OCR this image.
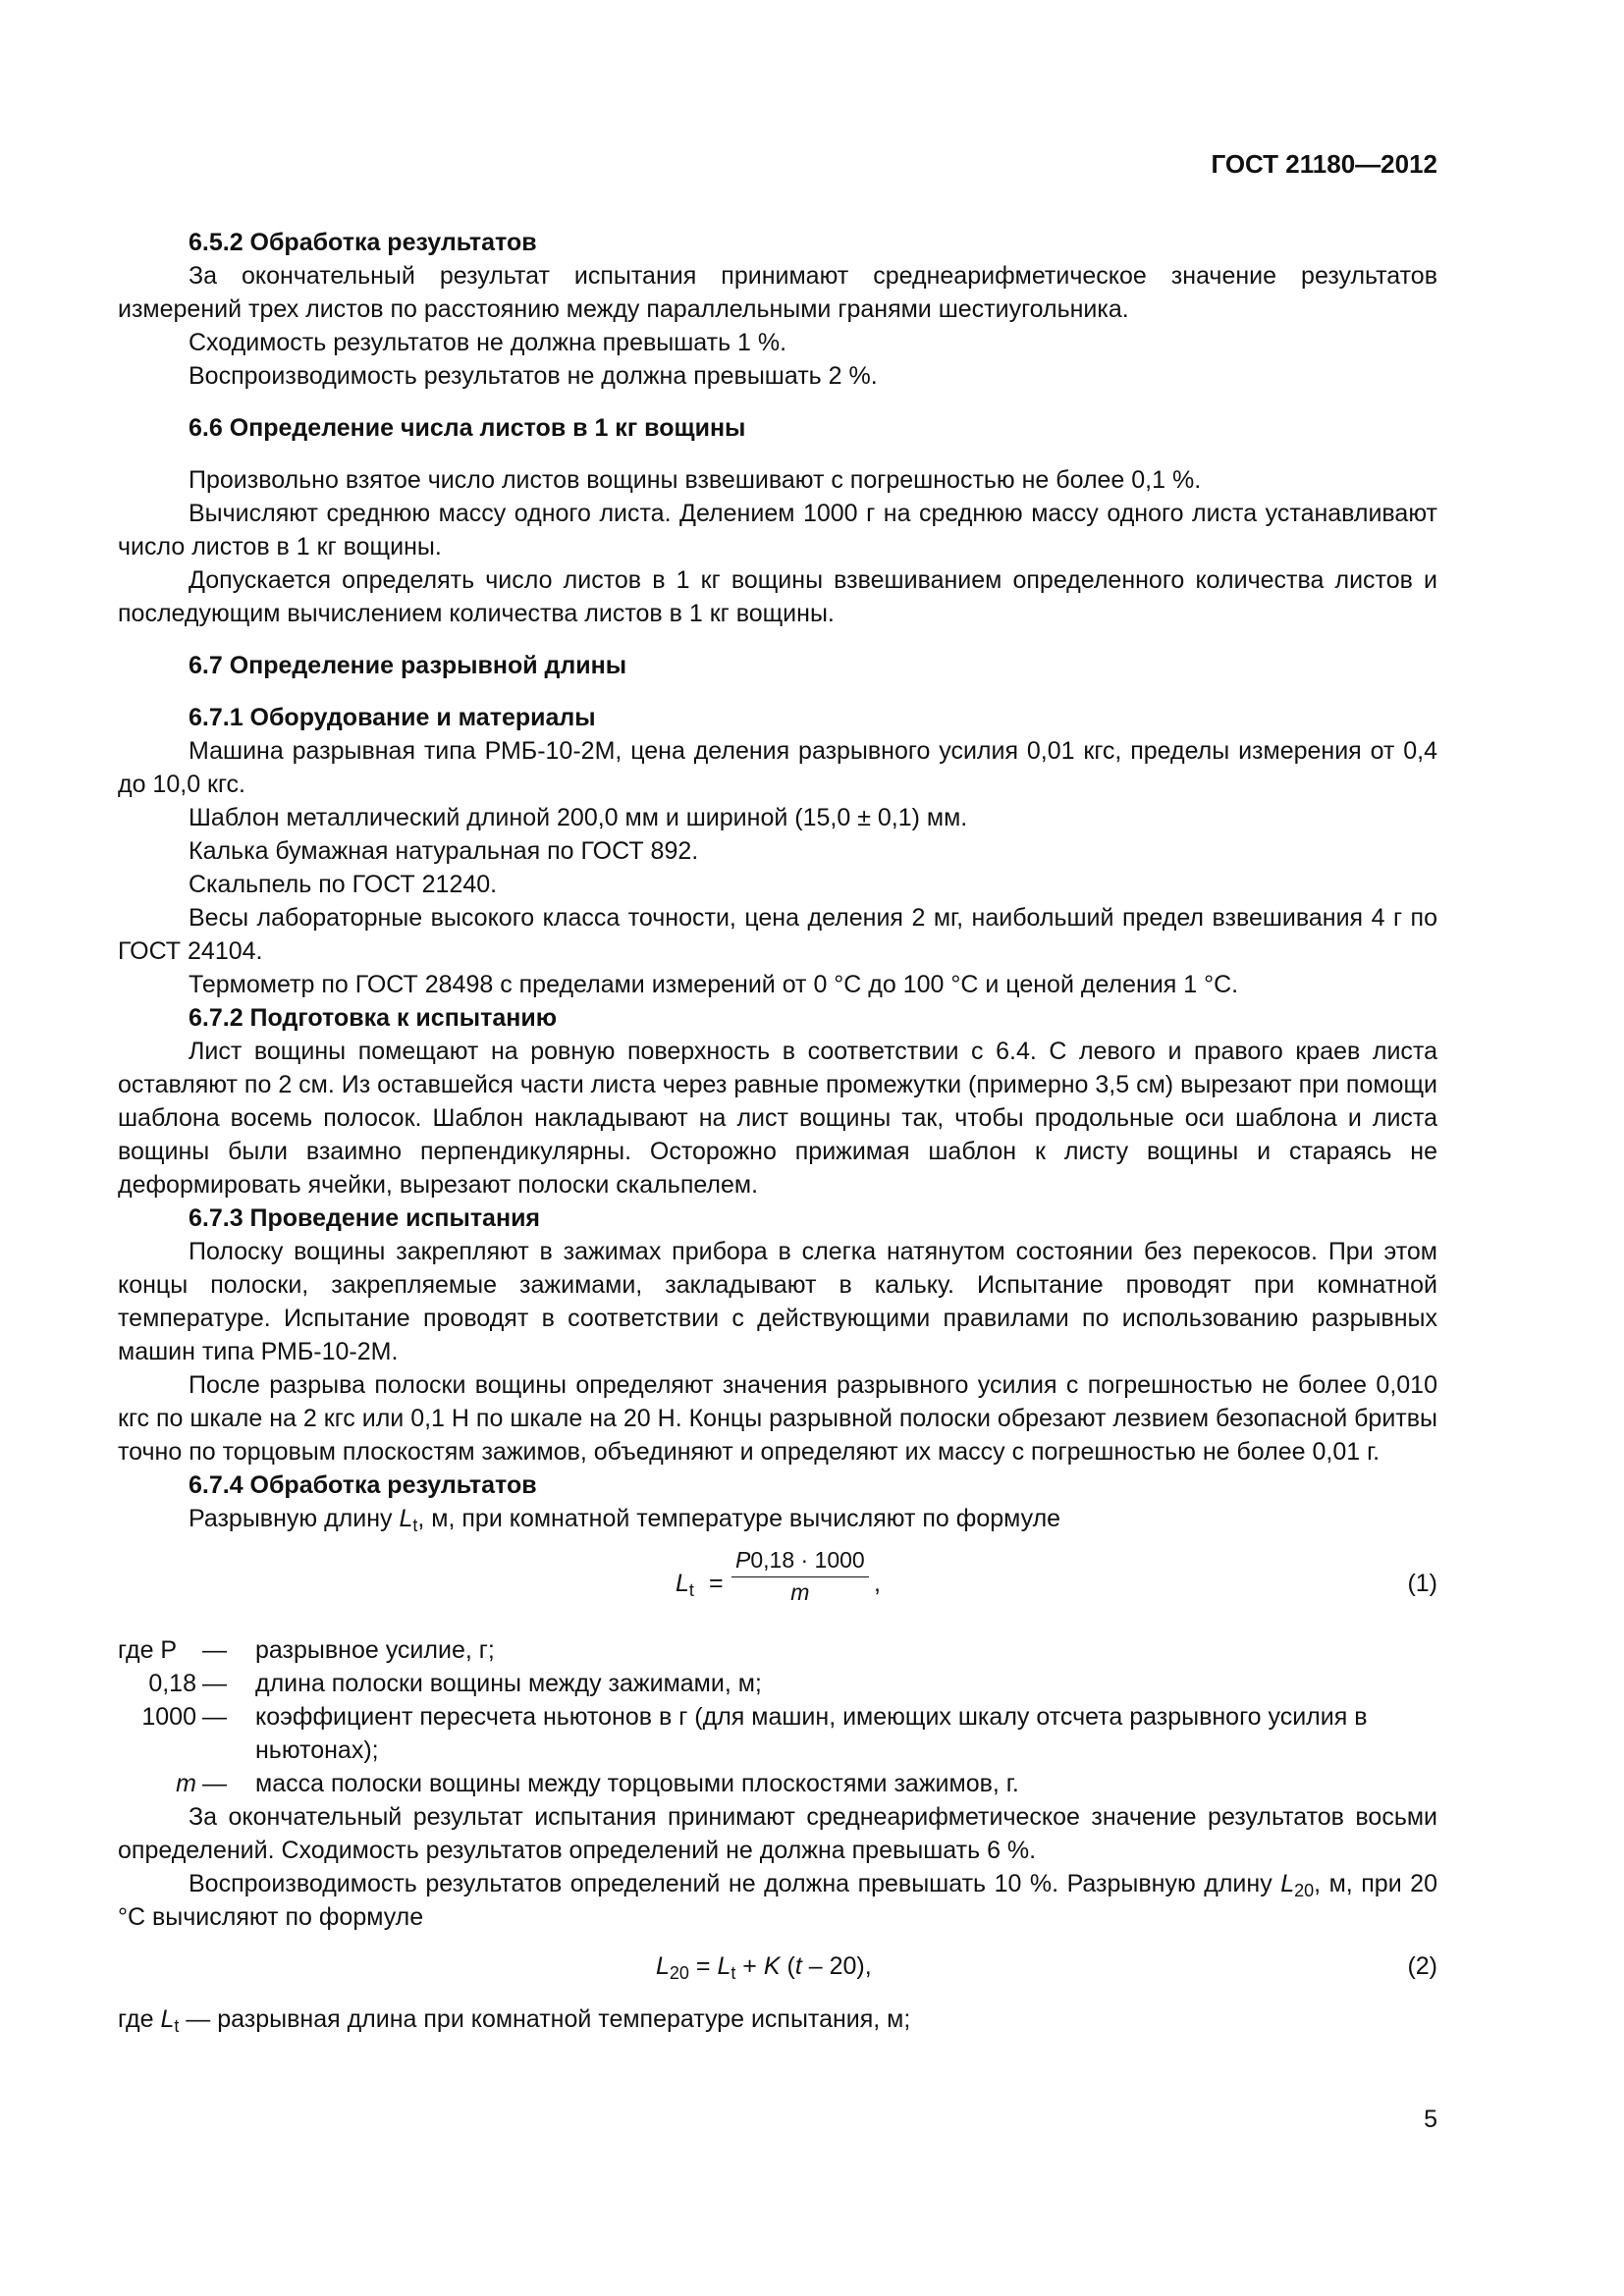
ГОСТ 21180—2012

6.5.2 Обработка результатов

За окончательный результат испытания принимают среднеарифметическое значение результатов измерений трех листов по расстоянию между параллельными гранями шестиугольника.

Сходимость результатов не должна превышать 1 %.

Воспроизводимость результатов не должна превышать 2 %.

6.6 Определение числа листов в 1 кг вощины

Произвольно взятое число листов вощины взвешивают с погрешностью не более 0,1 %.

Вычисляют среднюю массу одного листа. Делением 1000 г на среднюю массу одного листа устанавливают число листов в 1 кг вощины.

Допускается определять число листов в 1 кг вощины взвешиванием определенного количества листов и последующим вычислением количества листов в 1 кг вощины.

6.7 Определение разрывной длины

6.7.1 Оборудование и материалы

Машина разрывная типа РМБ-10-2М, цена деления разрывного усилия 0,01 кгс, пределы измерения от 0,4 до 10,0 кгс.

Шаблон металлический длиной 200,0 мм и шириной (15,0 ± 0,1) мм.

Калька бумажная натуральная по ГОСТ 892.

Скальпель по ГОСТ 21240.

Весы лабораторные высокого класса точности, цена деления 2 мг, наибольший предел взвешивания 4 г по ГОСТ 24104.

Термометр по ГОСТ 28498 с пределами измерений от 0 °С до 100 °С и ценой деления 1 °С.

6.7.2 Подготовка к испытанию

Лист вощины помещают на ровную поверхность в соответствии с 6.4. С левого и правого краев листа оставляют по 2 см. Из оставшейся части листа через равные промежутки (примерно 3,5 см) вырезают при помощи шаблона восемь полосок. Шаблон накладывают на лист вощины так, чтобы продольные оси шаблона и листа вощины были взаимно перпендикулярны. Осторожно прижимая шаблон к листу вощины и стараясь не деформировать ячейки, вырезают полоски скальпелем.

6.7.3 Проведение испытания

Полоску вощины закрепляют в зажимах прибора в слегка натянутом состоянии без перекосов. При этом концы полоски, закрепляемые зажимами, закладывают в кальку. Испытание проводят при комнатной температуре. Испытание проводят в соответствии с действующими правилами по использованию разрывных машин типа РМБ-10-2М.

После разрыва полоски вощины определяют значения разрывного усилия с погрешностью не более 0,010 кгс по шкале на 2 кгс или 0,1 Н по шкале на 20 Н. Концы разрывной полоски обрезают лезвием безопасной бритвы точно по торцовым плоскостям зажимов, объединяют и определяют их массу с погрешностью не более 0,01 г.

6.7.4 Обработка результатов

Разрывную длину $L_t$, м, при комнатной температуре вычисляют по формуле

$L_t = \frac{P0,18 \cdot 1000}{m}$ ,	(1)
где P	—	разрывное усилие, г;
0,18 —	длина полоски вощины между зажимами, м;
1000 —	коэффициент пересчета ньютонов в г (для машин, имеющих шкалу отсчета разрывного усилия в ньютонах);
m —	масса полоски вощины между торцовыми плоскостями зажимов, г.

За окончательный результат испытания принимают среднеарифметическое значение результатов восьми определений. Сходимость результатов определений не должна превышать 6 %.

Воспроизводимость результатов определений не должна превышать 10 %. Разрывную длину $L_{20}$, м, при 20 °С вычисляют по формуле

$L_{20} = L_t + K$ (t – 20),	(2)

где $L_t$ — разрывная длина при комнатной температуре испытания, м;

5
